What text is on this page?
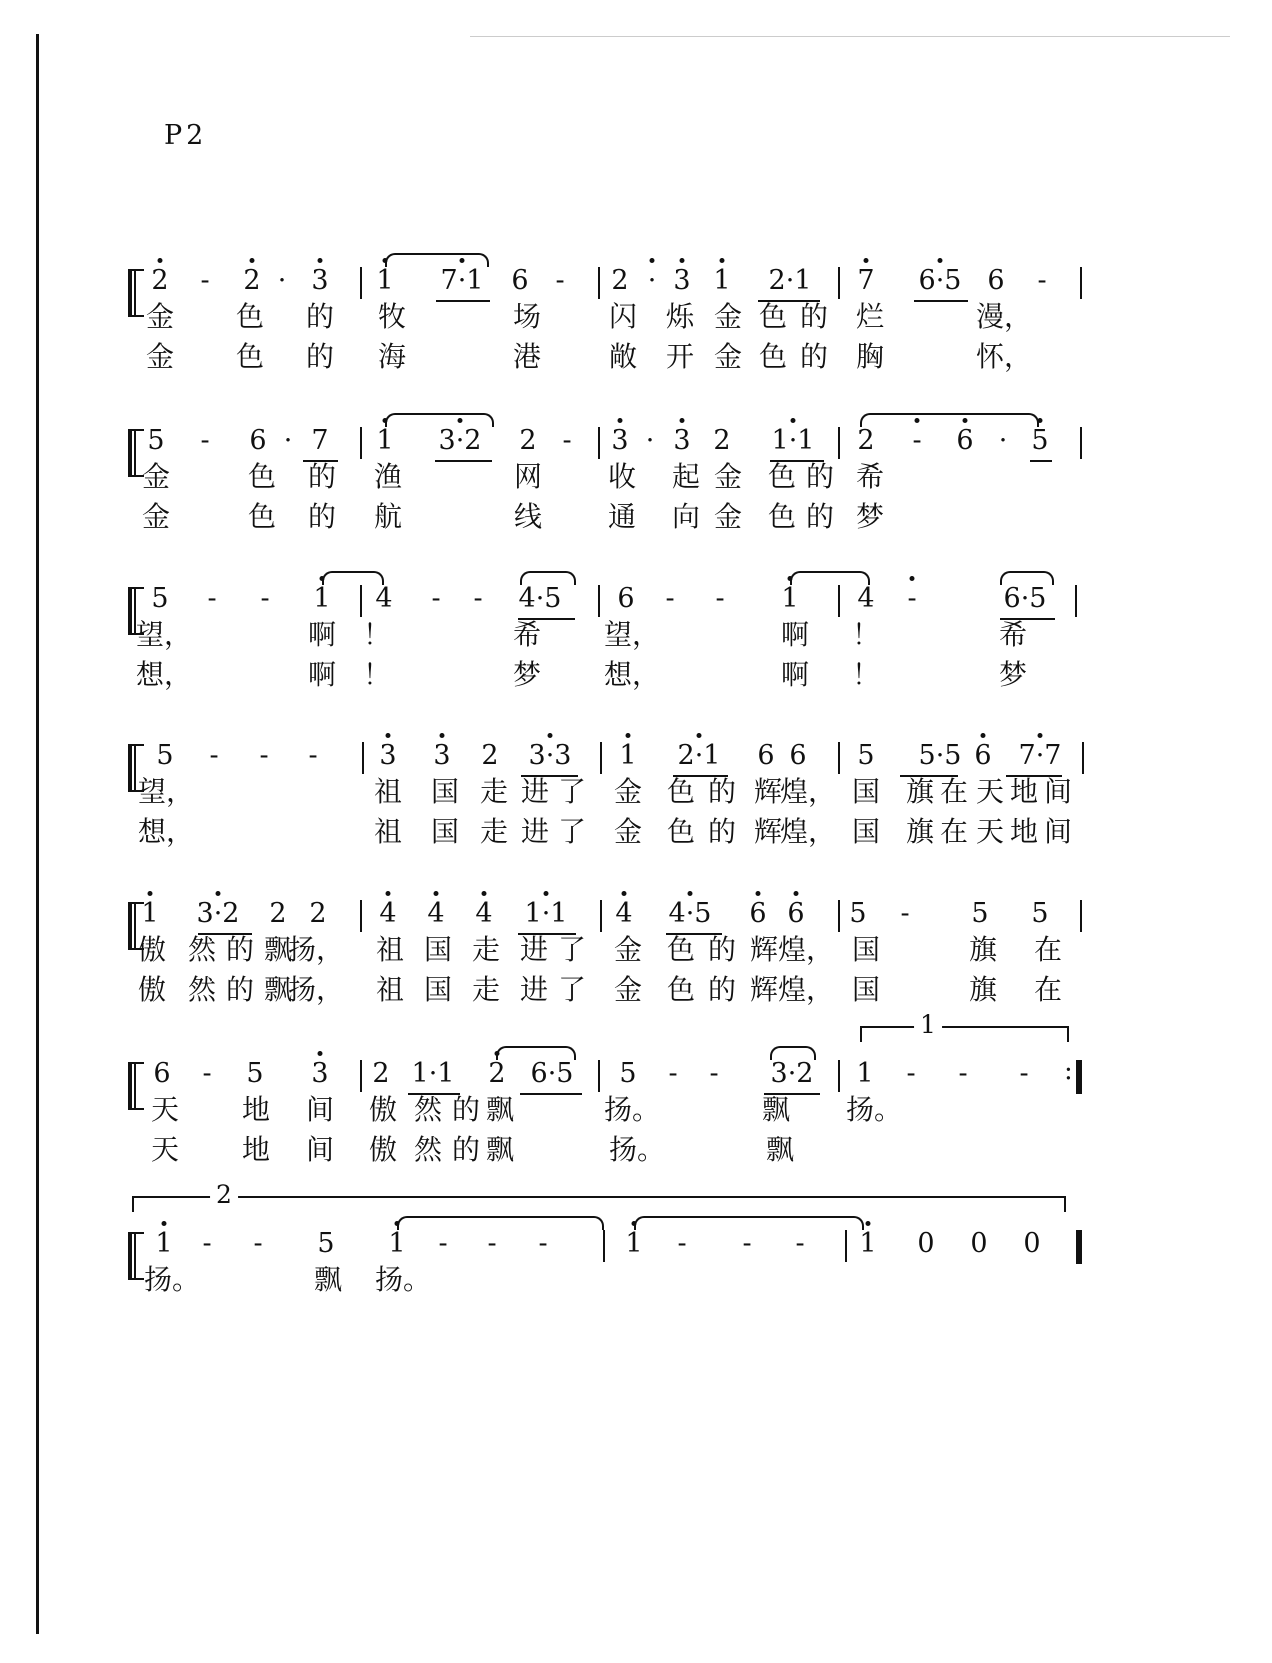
P2
2 - 2 · 3 1 7·1 6 - 2 · 3 1 2·1 7 6·5 6 -
金 色 的 牧	场 闪 烁 金 色 的 烂	漫，
金 色 的 海	港 敞 开 金 色 的 胸	怀，
5 - 6 · 7 1 3·2 2 - 3 · 3 2 1·1 2 - 6 · 5
金	色 的 渔	网 收 起 金 色 的 希
金	色 的 航	线 通 向 金 色 的 梦
5 - - 1 4 - - 4·5 6 - - 1 4 -	6·5
望，	啊 ！	希 望，	啊 ！	希
想，	啊 ！	梦 想，	啊 ！	梦
5 - - - 3 3 2 3·3 1 2·1 6 6 5 5·5 6 7·7
望，	祖 国 走 进 了 金 色 的 辉
煌， 国 旗 在 天 地 间
想，	祖 国 走 进 了 金 色 的 辉
煌， 国 旗 在 天 地 间
1 3·2 2 2 4 4 4 1·1 4 4·5 6 6 5 - 5 5
傲 然 的 飘
扬， 祖 国 走 进 了 金 色 的 辉 煌， 国	旗 在
傲 然 的 飘
扬， 祖 国 走 进 了 金 色 的 辉 煌， 国	旗 在
6 - 5 3 2 1·1 2 6·5 5 - - 3·2 1 - - -
天 地 间 傲 然 的 飘	扬。	飘 扬。
天 地 间 傲 然 的 飘	扬。	飘
1
:
1 - - 5 1 - - -	1 - - - 1 0 0 0
扬。	飘 扬。
2
